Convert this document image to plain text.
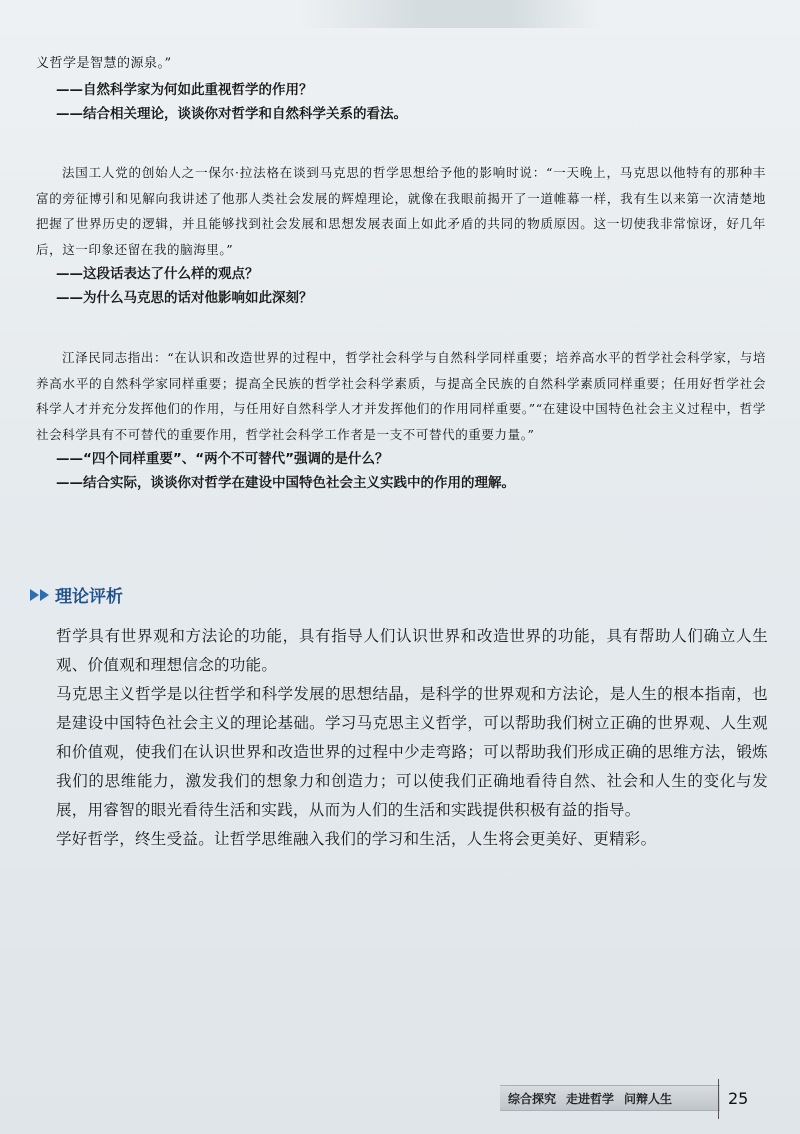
义哲学是智慧的源泉。”
——自然科学家为何如此重视哲学的作用？
——结合相关理论，谈谈你对哲学和自然科学关系的看法。

法国工人党的创始人之一保尔·拉法格在谈到马克思的哲学思想给予他的影响时说：“一天晚上，马克思以他特有的那种丰富的旁征博引和见解向我讲述了他那人类社会发展的辉煌理论，就像在我眼前揭开了一道帷幕一样，我有生以来第一次清楚地把握了世界历史的逻辑，并且能够找到社会发展和思想发展表面上如此矛盾的共同的物质原因。这一切使我非常惊讶，好几年后，这一印象还留在我的脑海里。”

——这段话表达了什么样的观点？
——为什么马克思的话对他影响如此深刻？

江泽民同志指出：“在认识和改造世界的过程中，哲学社会科学与自然科学同样重要；培养高水平的哲学社会科学家，与培养高水平的自然科学家同样重要；提高全民族的哲学社会科学素质，与提高全民族的自然科学素质同样重要；任用好哲学社会科学人才并充分发挥他们的作用，与任用好自然科学人才并发挥他们的作用同样重要。”“在建设中国特色社会主义过程中，哲学社会科学具有不可替代的重要作用，哲学社会科学工作者是一支不可替代的重要力量。”

——“四个同样重要”、“两个不可替代”强调的是什么？
——结合实际，谈谈你对哲学在建设中国特色社会主义实践中的作用的理解。
理论评析

哲学具有世界观和方法论的功能，具有指导人们认识世界和改造世界的功能，具有帮助人们确立人生观、价值观和理想信念的功能。

马克思主义哲学是以往哲学和科学发展的思想结晶，是科学的世界观和方法论，是人生的根本指南，也是建设中国特色社会主义的理论基础。学习马克思主义哲学，可以帮助我们树立正确的世界观、人生观和价值观，使我们在认识世界和改造世界的过程中少走弯路；可以帮助我们形成正确的思维方法，锻炼我们的思维能力，激发我们的想象力和创造力；可以使我们正确地看待自然、社会和人生的变化与发展，用睿智的眼光看待生活和实践，从而为人们的生活和实践提供积极有益的指导。

学好哲学，终生受益。让哲学思维融入我们的学习和生活，人生将会更美好、更精彩。

综合探究 走进哲学 问辩人生	25
